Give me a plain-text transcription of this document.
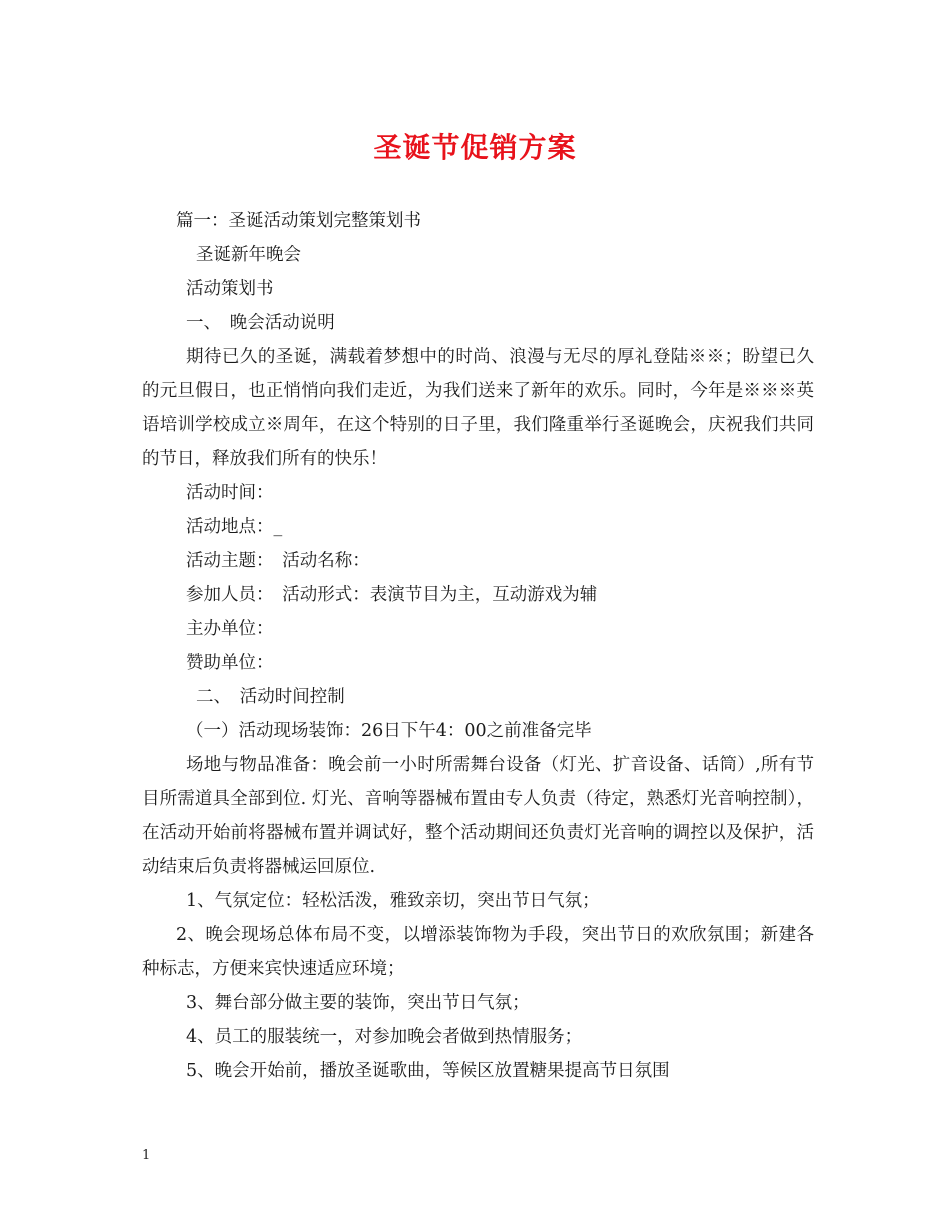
圣诞节促销方案

篇一：圣诞活动策划完整策划书

圣诞新年晚会

活动策划书

一、　晚会活动说明

期待已久的圣诞，满载着梦想中的时尚、浪漫与无尽的厚礼登陆※※；盼望已久的元旦假日，也正悄悄向我们走近，为我们送来了新年的欢乐。同时，今年是※※※英语培训学校成立※周年，在这个特别的日子里，我们隆重举行圣诞晚会，庆祝我们共同的节日，释放我们所有的快乐！

活动时间：

活动地点：_

活动主题：　活动名称：

参加人员：　活动形式：表演节目为主，互动游戏为辅

主办单位：

赞助单位：

二、　活动时间控制

（一）活动现场装饰：26日下午4：00之前准备完毕

场地与物品准备：晚会前一小时所需舞台设备（灯光、扩音设备、话筒）,所有节目所需道具全部到位. 灯光、音响等器械布置由专人负责（待定，熟悉灯光音响控制），在活动开始前将器械布置并调试好，整个活动期间还负责灯光音响的调控以及保护，活动结束后负责将器械运回原位.

1、气氛定位：轻松活泼，雅致亲切，突出节日气氛；

2、晚会现场总体布局不变，以增添装饰物为手段，突出节日的欢欣氛围；新建各种标志，方便来宾快速适应环境；

3、舞台部分做主要的装饰，突出节日气氛；

4、员工的服装统一，对参加晚会者做到热情服务；

5、晚会开始前，播放圣诞歌曲，等候区放置糖果提高节日氛围

1
